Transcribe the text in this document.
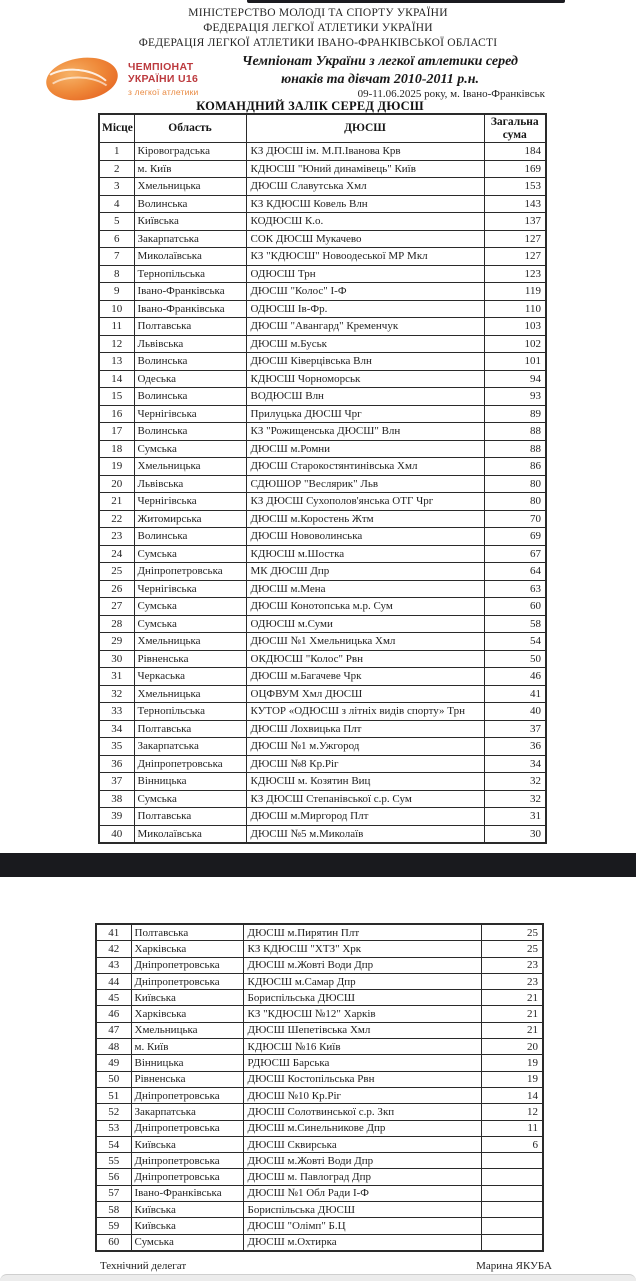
МІНІСТЕРСТВО МОЛОДІ ТА СПОРТУ УКРАЇНИ
ФЕДЕРАЦІЯ ЛЕГКОЇ АТЛЕТИКИ УКРАЇНИ
ФЕДЕРАЦІЯ ЛЕГКОЇ АТЛЕТИКИ ІВАНО-ФРАНКІВСЬКОЇ ОБЛАСТІ
ЧЕМПІОНАТ
УКРАЇНИ U16
з легкої атлетики
Чемпіонат України з легкої атлетики серед
юнаків та дівчат 2010-2011 р.н.
09-11.06.2025 року, м. Івано-Франківськ
КОМАНДНИЙ ЗАЛІК СЕРЕД ДЮСШ
Місце	Область	ДЮСШ	Загальна сума
1	Кіровоградська	КЗ ДЮСШ ім. М.П.Іванова Крв	184
2	м. Київ	КДЮСШ "Юний динамівець" Київ	169
3	Хмельницька	ДЮСШ Славутська Хмл	153
4	Волинська	КЗ КДЮСШ Ковель Влн	143
5	Київська	КОДЮСШ К.о.	137
6	Закарпатська	СОК ДЮСШ Мукачево	127
7	Миколаївська	КЗ "КДЮСШ" Новоодеської МР Мкл	127
8	Тернопільська	ОДЮСШ Трн	123
9	Івано-Франківська	ДЮСШ "Колос" І-Ф	119
10	Івано-Франківська	ОДЮСШ Ів-Фр.	110
11	Полтавська	ДЮСШ "Авангард" Кременчук	103
12	Львівська	ДЮСШ м.Буськ	102
13	Волинська	ДЮСШ Ківерцівська Влн	101
14	Одеська	КДЮСШ Чорноморськ	94
15	Волинська	ВОДЮСШ Влн	93
16	Чернігівська	Прилуцька ДЮСШ Чрг	89
17	Волинська	КЗ "Рожищенська ДЮСШ" Влн	88
18	Сумська	ДЮСШ м.Ромни	88
19	Хмельницька	ДЮСШ Старокостянтинівська Хмл	86
20	Львівська	СДЮШОР "Веслярик" Льв	80
21	Чернігівська	КЗ ДЮСШ Сухополов'янська ОТГ Чрг	80
22	Житомирська	ДЮСШ м.Коростень Жтм	70
23	Волинська	ДЮСШ Нововолинська	69
24	Сумська	КДЮСШ м.Шостка	67
25	Дніпропетровська	МК ДЮСШ Дпр	64
26	Чернігівська	ДЮСШ м.Мена	63
27	Сумська	ДЮСШ Конотопська м.р. Сум	60
28	Сумська	ОДЮСШ м.Суми	58
29	Хмельницька	ДЮСШ №1 Хмельницька Хмл	54
30	Рівненська	ОКДЮСШ "Колос" Рвн	50
31	Черкаська	ДЮСШ м.Багачеве Чрк	46
32	Хмельницька	ОЦФВУМ Хмл ДЮСШ	41
33	Тернопільська	КУТОР «ОДЮСШ з літніх видів спорту» Трн	40
34	Полтавська	ДЮСШ Лохвицька Плт	37
35	Закарпатська	ДЮСШ №1 м.Ужгород	36
36	Дніпропетровська	ДЮСШ №8 Кр.Ріг	34
37	Вінницька	КДЮСШ м. Козятин Виц	32
38	Сумська	КЗ ДЮСШ Степанівської с.р. Сум	32
39	Полтавська	ДЮСШ м.Миргород Плт	31
40	Миколаївська	ДЮСШ №5 м.Миколаїв	30
41	Полтавська	ДЮСШ м.Пирятин Плт	25
42	Харківська	КЗ КДЮСШ "ХТЗ" Хрк	25
43	Дніпропетровська	ДЮСШ м.Жовті Води Дпр	23
44	Дніпропетровська	КДЮСШ м.Самар Дпр	23
45	Київська	Бориспільська ДЮСШ	21
46	Харківська	КЗ "КДЮСШ №12" Харків	21
47	Хмельницька	ДЮСШ Шепетівська Хмл	21
48	м. Київ	КДЮСШ №16 Київ	20
49	Вінницька	РДЮСШ Барська	19
50	Рівненська	ДЮСШ Костопільська Рвн	19
51	Дніпропетровська	ДЮСШ №10 Кр.Ріг	14
52	Закарпатська	ДЮСШ Солотвинської с.р. Зкп	12
53	Дніпропетровська	ДЮСШ м.Синельникове Дпр	11
54	Київська	ДЮСШ Сквирська	6
55	Дніпропетровська	ДЮСШ м.Жовті Води Дпр	
56	Дніпропетровська	ДЮСШ м. Павлоград Дпр	
57	Івано-Франківська	ДЮСШ №1 Обл Ради І-Ф	
58	Київська	Бориспільська ДЮСШ	
59	Київська	ДЮСШ "Олімп" Б.Ц	
60	Сумська	ДЮСШ м.Охтирка	
Технічний делегат	Марина ЯКУБА
